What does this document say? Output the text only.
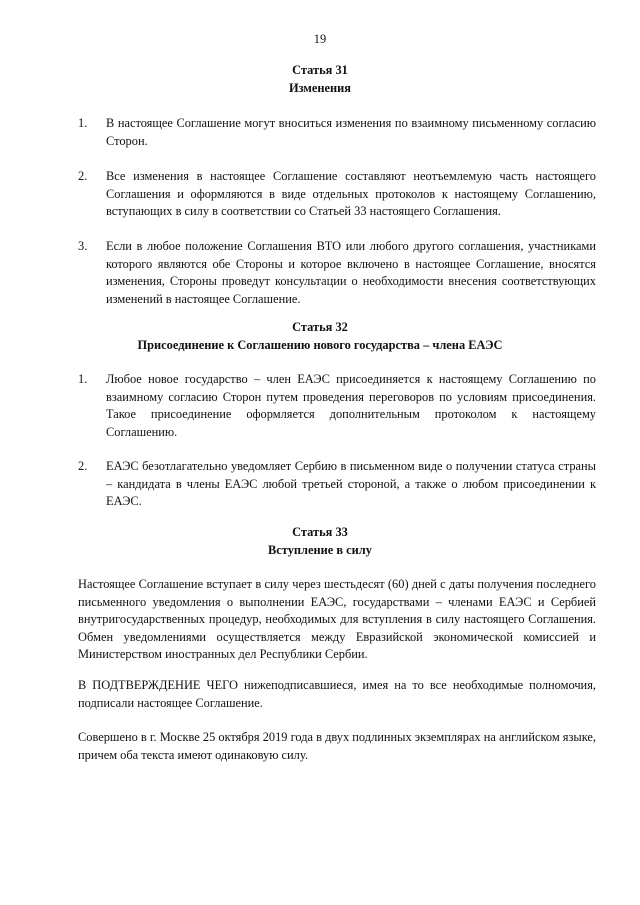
19
Статья 31
Изменения
1.	В настоящее Соглашение могут вноситься изменения по взаимному письменному согласию Сторон.
2.	Все изменения в настоящее Соглашение составляют неотъемлемую часть настоящего Соглашения и оформляются в виде отдельных протоколов к настоящему Соглашению, вступающих в силу в соответствии со Статьей 33 настоящего Соглашения.
3.	Если в любое положение Соглашения ВТО или любого другого соглашения, участниками которого являются обе Стороны и которое включено в настоящее Соглашение, вносятся изменения, Стороны проведут консультации о необходимости внесения соответствующих изменений в настоящее Соглашение.
Статья 32
Присоединение к Соглашению нового государства – члена ЕАЭС
1.	Любое новое государство – член ЕАЭС присоединяется к настоящему Соглашению по взаимному согласию Сторон путем проведения переговоров по условиям присоединения. Такое присоединение оформляется дополнительным протоколом к настоящему Соглашению.
2.	ЕАЭС безотлагательно уведомляет Сербию в письменном виде о получении статуса страны – кандидата в члены ЕАЭС любой третьей стороной, а также о любом присоединении к ЕАЭС.
Статья 33
Вступление в силу
Настоящее Соглашение вступает в силу через шестьдесят (60) дней с даты получения последнего письменного уведомления о выполнении ЕАЭС, государствами – членами ЕАЭС и Сербией внутригосударственных процедур, необходимых для вступления в силу настоящего Соглашения. Обмен уведомлениями осуществляется между Евразийской экономической комиссией и Министерством иностранных дел Республики Сербии.
В ПОДТВЕРЖДЕНИЕ ЧЕГО нижеподписавшиеся, имея на то все необходимые полномочия, подписали настоящее Соглашение.
Совершено в г. Москве 25 октября 2019 года в двух подлинных экземплярах на английском языке, причем оба текста имеют одинаковую силу.
